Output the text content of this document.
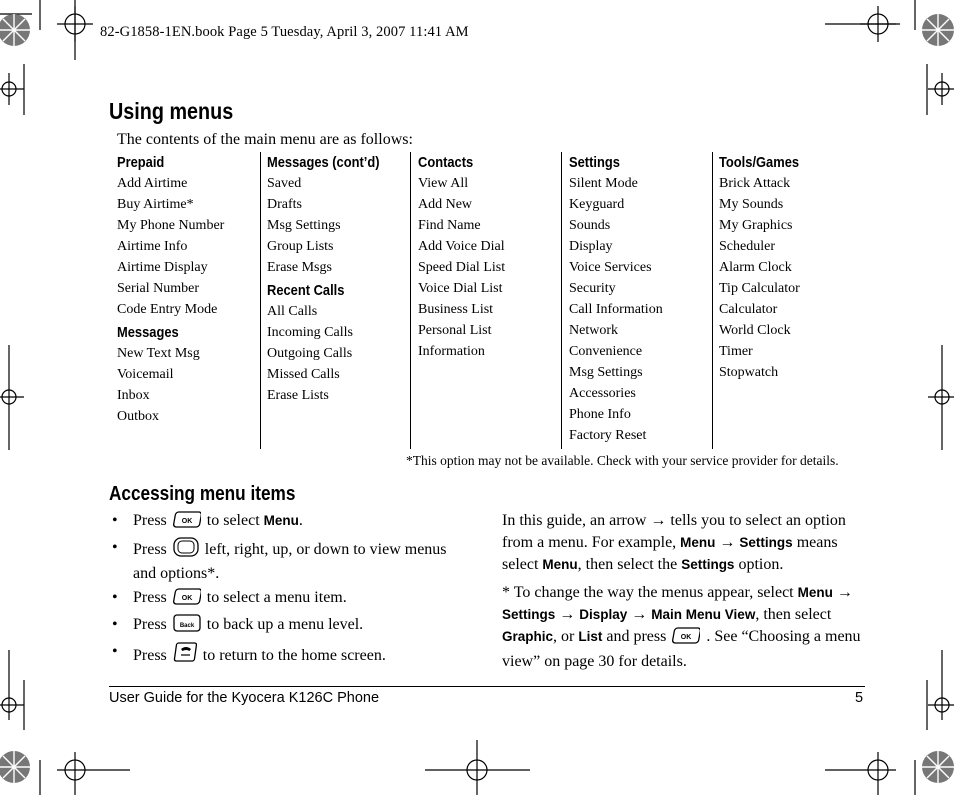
82-G1858-1EN.book Page 5 Tuesday, April 3, 2007 11:41 AM
Using menus
The contents of the main menu are as follows:
Prepaid
Add Airtime
Buy Airtime*
My Phone Number
Airtime Info
Airtime Display
Serial Number
Code Entry Mode
Messages
New Text Msg
Voicemail
Inbox
Outbox
Messages (cont’d)
Saved
Drafts
Msg Settings
Group Lists
Erase Msgs
Recent Calls
All Calls
Incoming Calls
Outgoing Calls
Missed Calls
Erase Lists
Contacts
View All
Add New
Find Name
Add Voice Dial
Speed Dial List
Voice Dial List
Business List
Personal List
Information
Settings
Silent Mode
Keyguard
Sounds
Display
Voice Services
Security
Call Information
Network
Convenience
Msg Settings
Accessories
Phone Info
Factory Reset
Tools/Games
Brick Attack
My Sounds
My Graphics
Scheduler
Alarm Clock
Tip Calculator
Calculator
World Clock
Timer
Stopwatch
*This option may not be available. Check with your service provider for details.
Accessing menu items
• Press OK to select Menu.
• Press left, right, up, or down to view menus and options*.
• Press OK to select a menu item.
• Press Back to back up a menu level.
• Press to return to the home screen.

In this guide, an arrow → tells you to select an option from a menu. For example, Menu → Settings means select Menu, then select the Settings option.

* To change the way the menus appear, select Menu → Settings → Display → Main Menu View, then select Graphic, or List and press OK . See “Choosing a menu view” on page 30 for details.

User Guide for the Kyocera K126C Phone	5
